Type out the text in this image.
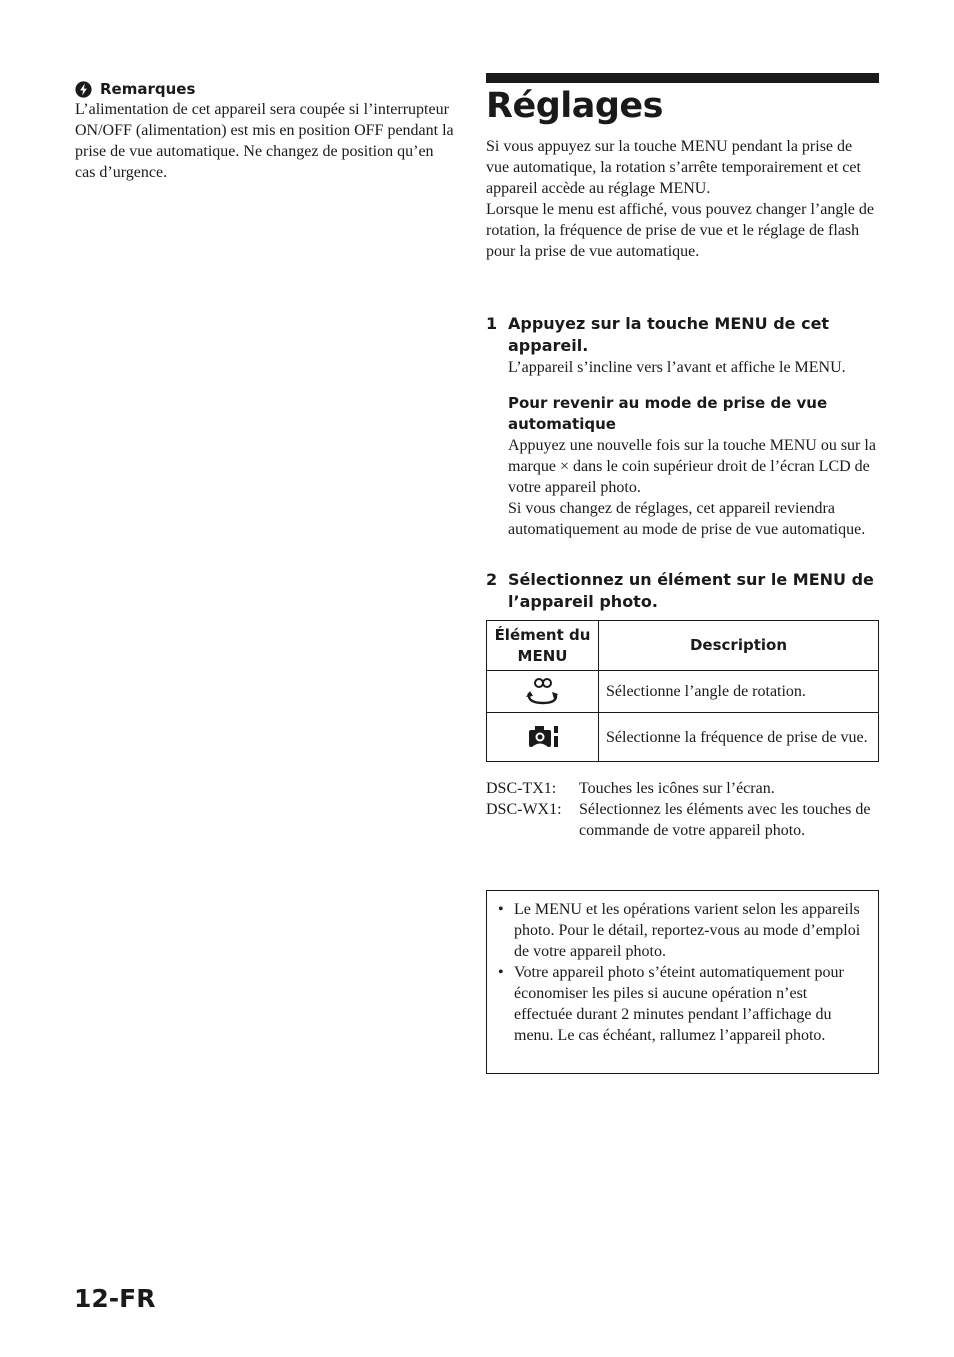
Remarques
L’alimentation de cet appareil sera coupée si l’interrupteur ON/OFF (alimentation) est mis en position OFF pendant la prise de vue automatique. Ne changez de position qu’en cas d’urgence.
Réglages
Si vous appuyez sur la touche MENU pendant la prise de vue automatique, la rotation s’arrête temporairement et cet appareil accède au réglage MENU.
Lorsque le menu est affiché, vous pouvez changer l’angle de rotation, la fréquence de prise de vue et le réglage de flash pour la prise de vue automatique.
1 Appuyez sur la touche MENU de cet appareil.
L’appareil s’incline vers l’avant et affiche le MENU.
Pour revenir au mode de prise de vue automatique
Appuyez une nouvelle fois sur la touche MENU ou sur la marque × dans le coin supérieur droit de l’écran LCD de votre appareil photo.
Si vous changez de réglages, cet appareil reviendra automatiquement au mode de prise de vue automatique.
2 Sélectionnez un élément sur le MENU de l’appareil photo.
Élément du MENU	Description

	Sélectionne l’angle de rotation.

	Sélectionne la fréquence de prise de vue.
DSC-TX1:	Touches les icônes sur l’écran.
DSC-WX1:	Sélectionnez les éléments avec les touches de commande de votre appareil photo.
• Le MENU et les opérations varient selon les appareils photo. Pour le détail, reportez-vous au mode d’emploi de votre appareil photo.
• Votre appareil photo s’éteint automatiquement pour économiser les piles si aucune opération n’est effectuée durant 2 minutes pendant l’affichage du menu. Le cas échéant, rallumez l’appareil photo.
12-FR
